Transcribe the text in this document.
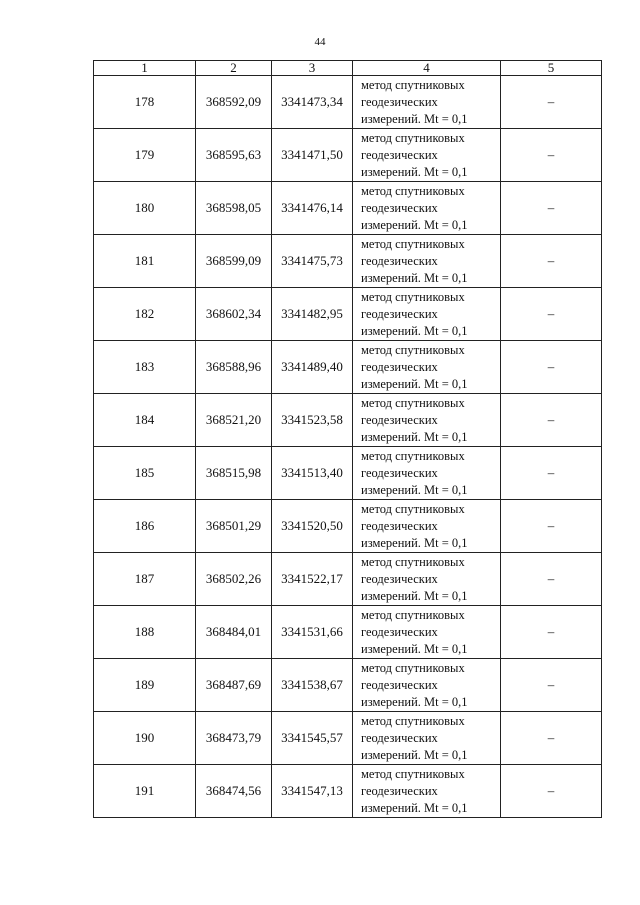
44
1	2	3	4	5
178	368592,09	3341473,34	метод спутниковых
геодезических
измерений. Mt = 0,1	–
179	368595,63	3341471,50	метод спутниковых
геодезических
измерений. Mt = 0,1	–
180	368598,05	3341476,14	метод спутниковых
геодезических
измерений. Mt = 0,1	–
181	368599,09	3341475,73	метод спутниковых
геодезических
измерений. Mt = 0,1	–
182	368602,34	3341482,95	метод спутниковых
геодезических
измерений. Mt = 0,1	–
183	368588,96	3341489,40	метод спутниковых
геодезических
измерений. Mt = 0,1	–
184	368521,20	3341523,58	метод спутниковых
геодезических
измерений. Mt = 0,1	–
185	368515,98	3341513,40	метод спутниковых
геодезических
измерений. Mt = 0,1	–
186	368501,29	3341520,50	метод спутниковых
геодезических
измерений. Mt = 0,1	–
187	368502,26	3341522,17	метод спутниковых
геодезических
измерений. Mt = 0,1	–
188	368484,01	3341531,66	метод спутниковых
геодезических
измерений. Mt = 0,1	–
189	368487,69	3341538,67	метод спутниковых
геодезических
измерений. Mt = 0,1	–
190	368473,79	3341545,57	метод спутниковых
геодезических
измерений. Mt = 0,1	–
191	368474,56	3341547,13	метод спутниковых
геодезических
измерений. Mt = 0,1	–
